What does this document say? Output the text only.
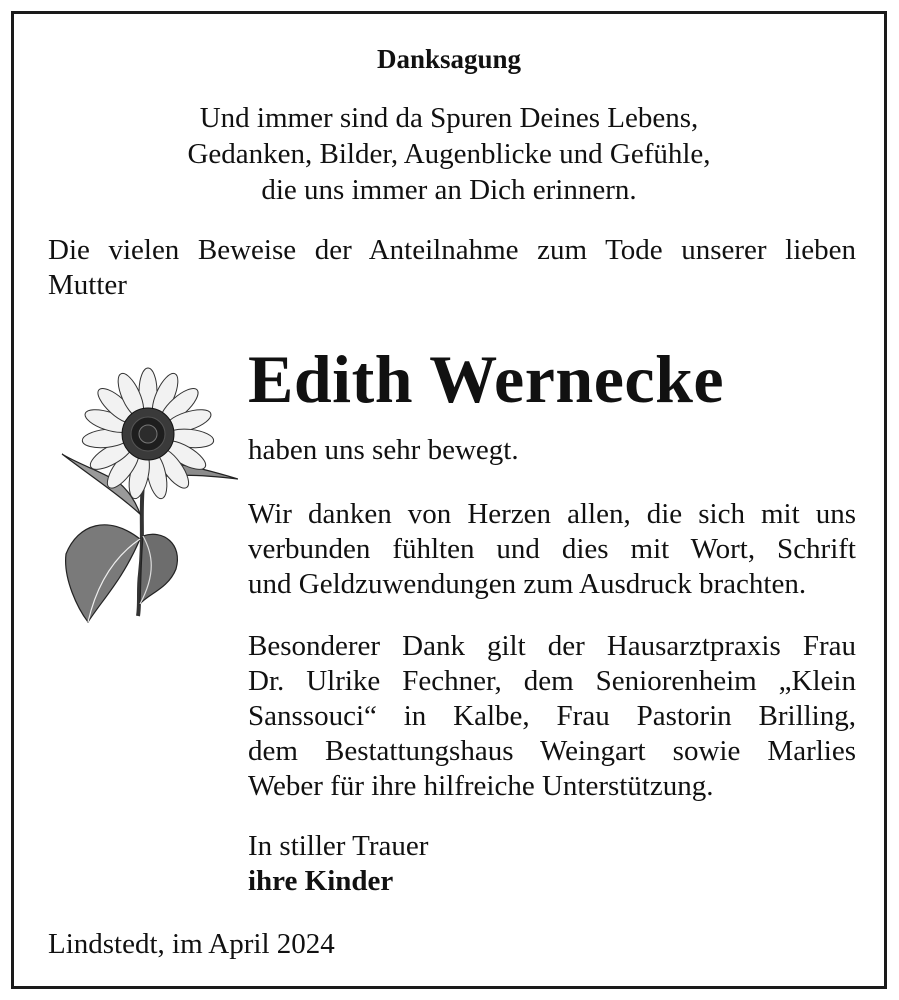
Danksagung
Und immer sind da Spuren Deines Lebens,
Gedanken, Bilder, Augenblicke und Gefühle,
die uns immer an Dich erinnern.
Die vielen Beweise der Anteilnahme zum Tode unserer lieben
Mutter
Edith Wernecke
haben uns sehr bewegt.
Wir danken von Herzen allen, die sich mit uns
verbunden fühlten und dies mit Wort, Schrift
und Geldzuwendungen zum Ausdruck brachten.
Besonderer Dank gilt der Hausarztpraxis Frau
Dr. Ulrike Fechner, dem Seniorenheim „Klein
Sanssouci“ in Kalbe, Frau Pastorin Brilling,
dem Bestattungshaus Weingart sowie Marlies
Weber für ihre hilfreiche Unterstützung.
In stiller Trauer
ihre Kinder
Lindstedt, im April 2024
